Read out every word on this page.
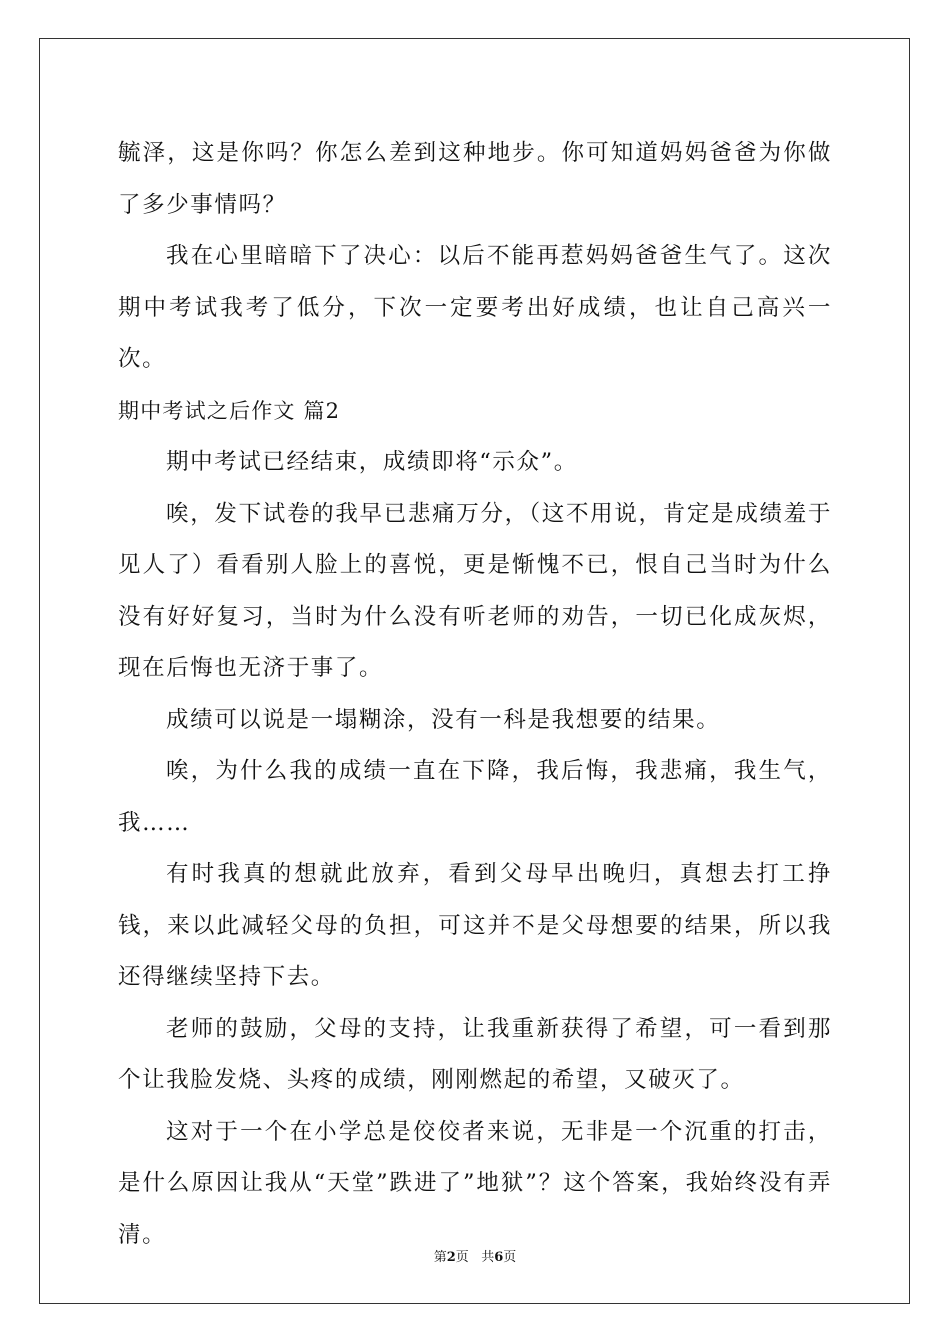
毓泽，这是你吗？你怎么差到这种地步。你可知道妈妈爸爸为你做了多少事情吗？

我在心里暗暗下了决心：以后不能再惹妈妈爸爸生气了。这次期中考试我考了低分，下次一定要考出好成绩，也让自己高兴一次。

期中考试之后作文 篇2

期中考试已经结束，成绩即将“示众”。

唉，发下试卷的我早已悲痛万分，（这不用说，肯定是成绩羞于见人了）看看别人脸上的喜悦，更是惭愧不已，恨自己当时为什么没有好好复习，当时为什么没有听老师的劝告，一切已化成灰烬，现在后悔也无济于事了。

成绩可以说是一塌糊涂，没有一科是我想要的结果。

唉，为什么我的成绩一直在下降，我后悔，我悲痛，我生气，我……

有时我真的想就此放弃，看到父母早出晚归，真想去打工挣钱，来以此减轻父母的负担，可这并不是父母想要的结果，所以我还得继续坚持下去。

老师的鼓励，父母的支持，让我重新获得了希望，可一看到那个让我脸发烧、头疼的成绩，刚刚燃起的希望，又破灭了。

这对于一个在小学总是佼佼者来说，无非是一个沉重的打击，是什么原因让我从“天堂”跌进了”地狱”？这个答案，我始终没有弄清。

第2页 共6页
